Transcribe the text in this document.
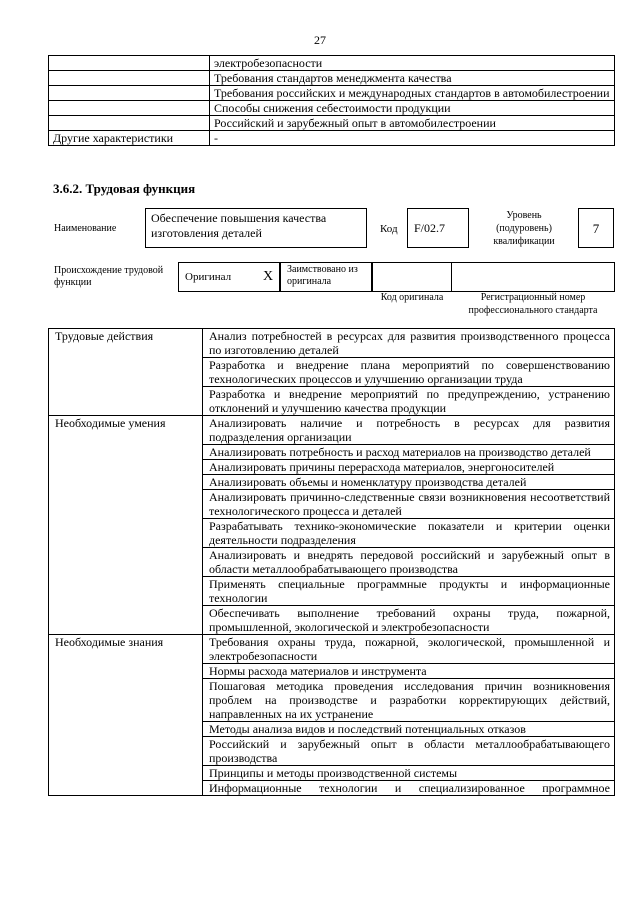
27
	электробезопасности
	Требования стандартов менеджмента качества
	Требования российских и международных стандартов в автомобилестроении
	Способы снижения себестоимости продукции
	Российский и зарубежный опыт в автомобилестроении
Другие характеристики	-
3.6.2. Трудовая функция
Наименование
Обеспечение повышения качества изготовления деталей	Код	F/02.7
Уровень (подуровень) квалификации
7
Происхождение трудовой функции	Оригинал X	Заимствовано из оригинала
Код оригинала	Регистрационный номер профессионального стандарта
Трудовые действия	Анализ потребностей в ресурсах для развития производственного процесса по изготовлению деталей

	Разработка и внедрение плана мероприятий по совершенствованию технологических процессов и улучшению организации труда

	Разработка и внедрение мероприятий по предупреждению, устранению отклонений и улучшению качества продукции

Необходимые умения	Анализировать наличие и потребность в ресурсах для развития подразделения организации

	Анализировать потребность и расход материалов на производство деталей

	Анализировать причины перерасхода материалов, энергоносителей

	Анализировать объемы и номенклатуру производства деталей

	Анализировать причинно-следственные связи возникновения несоответствий технологического процесса и деталей

	Разрабатывать технико-экономические показатели и критерии оценки деятельности подразделения

	Анализировать и внедрять передовой российский и зарубежный опыт в области металлообрабатывающего производства

	Применять специальные программные продукты и информационные технологии

	Обеспечивать выполнение требований охраны труда, пожарной, промышленной, экологической и электробезопасности

Необходимые знания	Требования охраны труда, пожарной, экологической, промышленной и электробезопасности

	Нормы расхода материалов и инструмента

	Пошаговая методика проведения исследования причин возникновения проблем на производстве и разработки корректирующих действий, направленных на их устранение

	Методы анализа видов и последствий потенциальных отказов

	Российский и зарубежный опыт в области металлообрабатывающего производства

	Принципы и методы производственной системы

	Информационные технологии и специализированное программное
